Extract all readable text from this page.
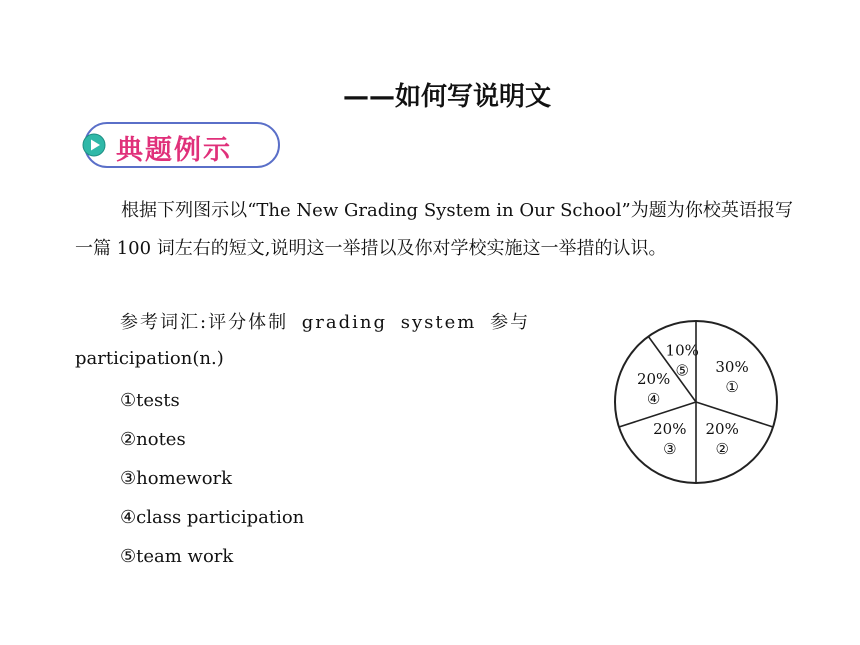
——如何写说明文
典题例示
根据下列图示以“The New Grading System in Our School”为题为你校英语报写一篇 100 词左右的短文,说明这一举措以及你对学校实施这一举措的认识。
参考词汇:评分体制 grading system 参与
participation(n.)
①tests
②notes
③homework
④class participation
⑤team work
30%
①
20%
②
20%
③
20%
④
10%
⑤
